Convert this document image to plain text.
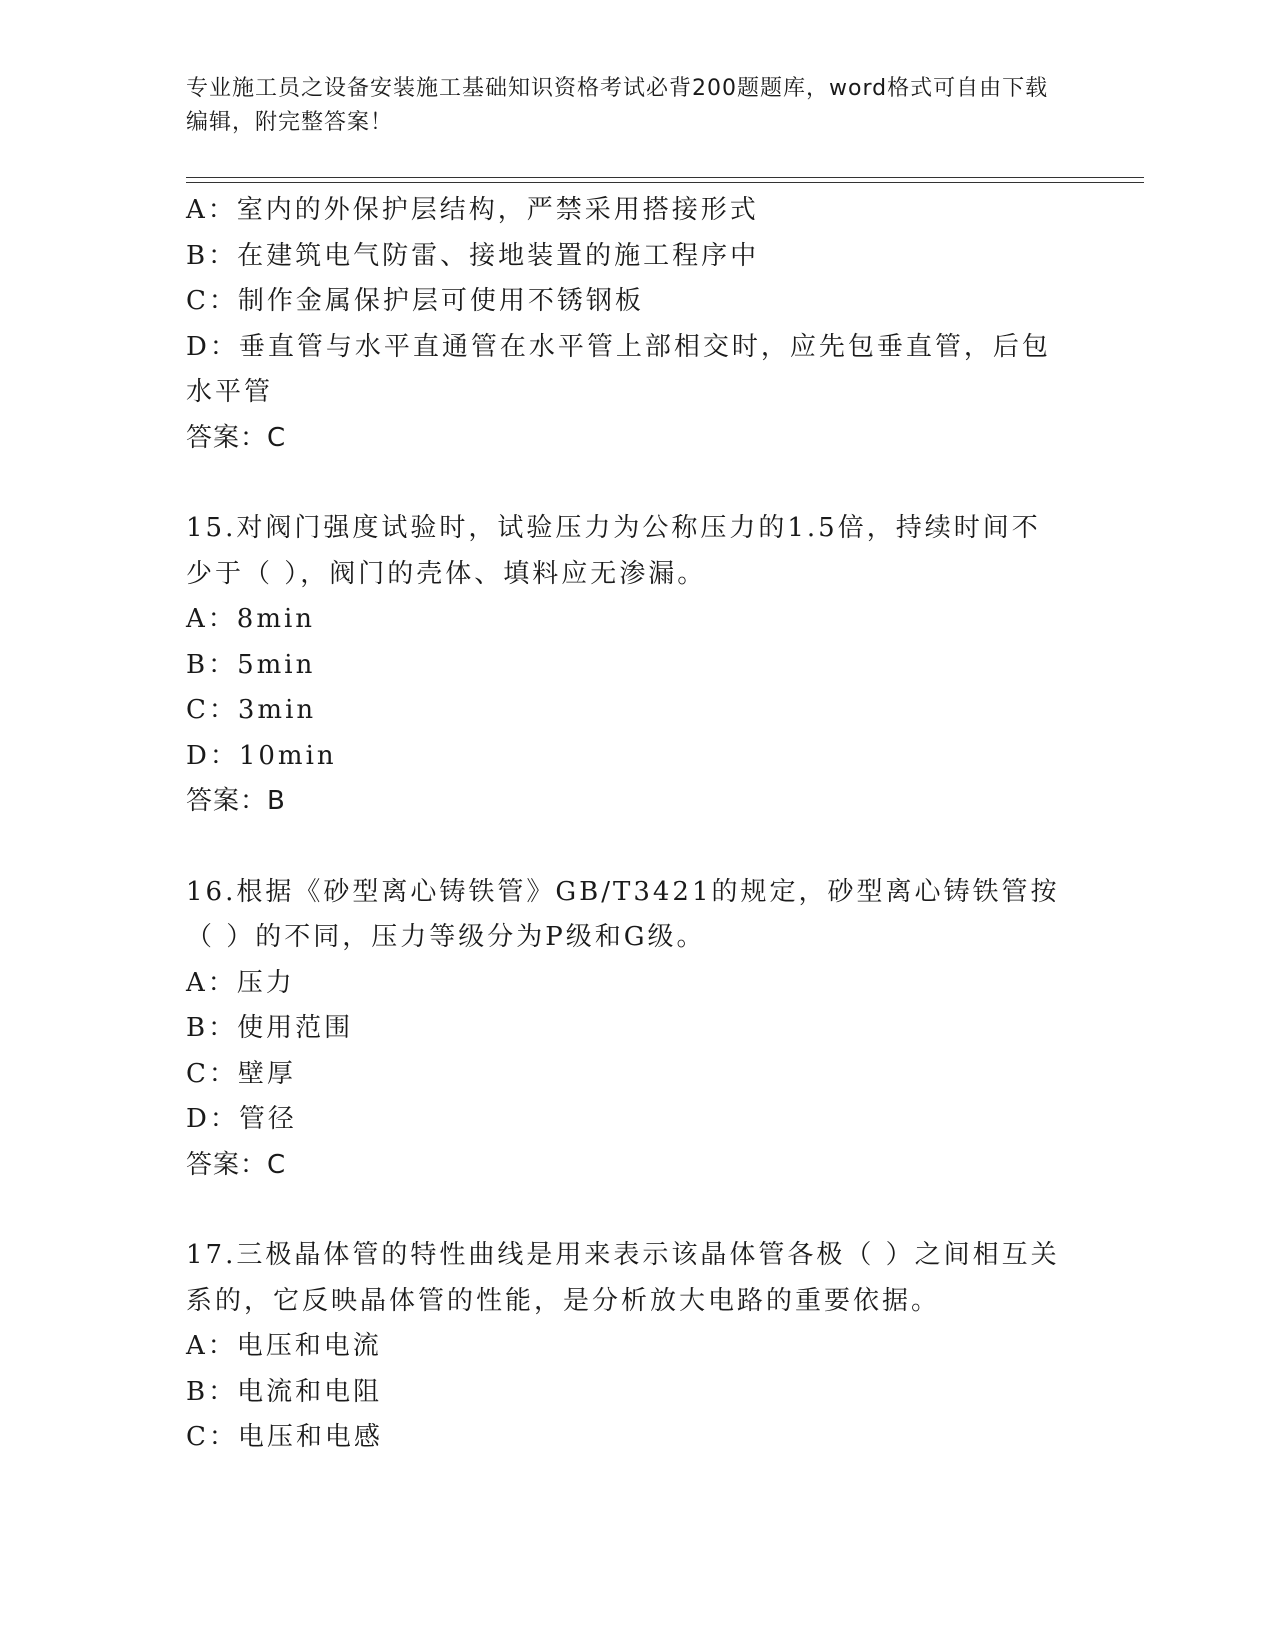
专业施工员之设备安装施工基础知识资格考试必背200题题库，word格式可自由下载编辑，附完整答案！
A：室内的外保护层结构，严禁采用搭接形式
B：在建筑电气防雷、接地装置的施工程序中
C：制作金属保护层可使用不锈钢板
D：垂直管与水平直通管在水平管上部相交时，应先包垂直管，后包水平管
答案：C
15.对阀门强度试验时，试验压力为公称压力的1.5倍，持续时间不少于（ ），阀门的壳体、填料应无渗漏。
A：8min
B：5min
C：3min
D：10min
答案：B
16.根据《砂型离心铸铁管》GB/T3421的规定，砂型离心铸铁管按（ ）的不同，压力等级分为P级和G级。
A：压力
B：使用范围
C：壁厚
D：管径
答案：C
17.三极晶体管的特性曲线是用来表示该晶体管各极（ ）之间相互关系的，它反映晶体管的性能，是分析放大电路的重要依据。
A：电压和电流
B：电流和电阻
C：电压和电感
